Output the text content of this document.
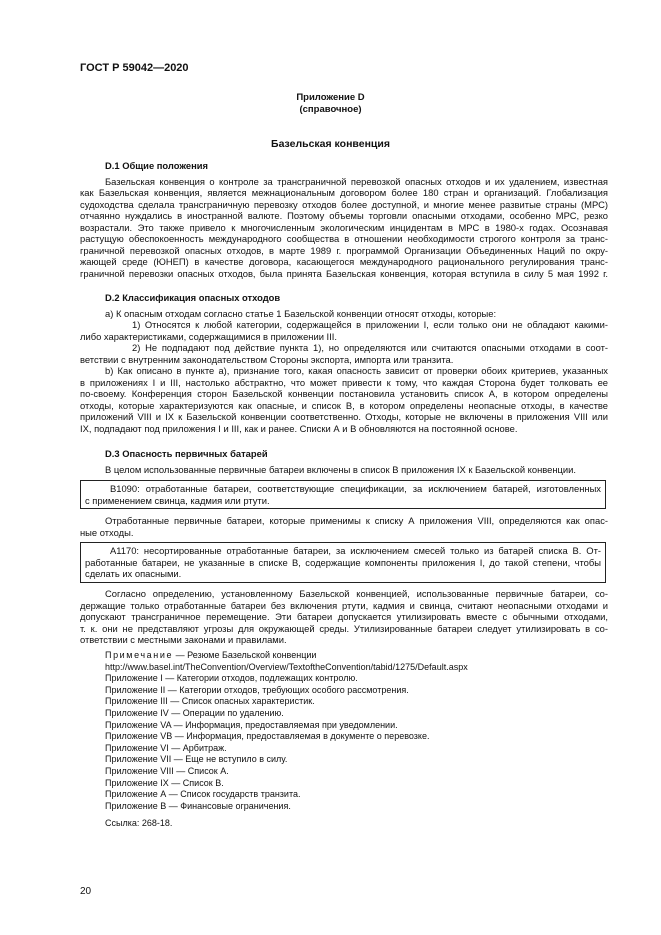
ГОСТ Р 59042—2020
Приложение D
(справочное)
Базельская конвенция
D.1 Общие положения
Базельская конвенция о контроле за трансграничной перевозкой опасных отходов и их удалением, известная
как Базельская конвенция, является межнациональным договором более 180 стран и организаций. Глобализация
судоходства сделала трансграничную перевозку отходов более доступной, и многие менее развитые страны (МРС)
отчаянно нуждались в иностранной валюте. Поэтому объемы торговли опасными отходами, особенно МРС, резко
возрастали. Это также привело к многочисленным экологическим инцидентам в МРС в 1980-х годах. Осознавая
растущую обеспокоенность международного сообщества в отношении необходимости строгого контроля за транс-
граничной перевозкой опасных отходов, в марте 1989 г. программой Организации Объединенных Наций по окру-
жающей среде (ЮНЕП) в качестве договора, касающегося международного рационального регулирования транс-
граничной перевозки опасных отходов, была принята Базельская конвенция, которая вступила в силу 5 мая 1992 г.
D.2 Классификация опасных отходов
а) К опасным отходам согласно статье 1 Базельской конвенции относят отходы, которые:
1) Относятся к любой категории, содержащейся в приложении I, если только они не обладают какими-
либо характеристиками, содержащимися в приложении III.
2) Не подпадают под действие пункта 1), но определяются или считаются опасными отходами в соот-
ветствии с внутренним законодательством Стороны экспорта, импорта или транзита.
b) Как описано в пункте а), признание того, какая опасность зависит от проверки обоих критериев, указанных
в приложениях I и III, настолько абстрактно, что может привести к тому, что каждая Сторона будет толковать ее
по-своему. Конференция сторон Базельской конвенции постановила установить список А, в котором определены
отходы, которые характеризуются как опасные, и список В, в котором определены неопасные отходы, в качестве
приложений VIII и IX к Базельской конвенции соответственно. Отходы, которые не включены в приложения VIII или
IX, подпадают под приложения I и III, как и ранее. Списки А и В обновляются на постоянной основе.
D.3 Опасность первичных батарей
В целом использованные первичные батареи включены в список В приложения IX к Базельской конвенции.
В1090: отработанные батареи, соответствующие спецификации, за исключением батарей, изготовленных
с применением свинца, кадмия или ртути.
Отработанные первичные батареи, которые применимы к списку А приложения VIII, определяются как опас-
ные отходы.
А1170: несортированные отработанные батареи, за исключением смесей только из батарей списка В. От-
работанные батареи, не указанные в списке В, содержащие компоненты приложения I, до такой степени, чтобы
сделать их опасными.
Согласно определению, установленному Базельской конвенцией, использованные первичные батареи, со-
держащие только отработанные батареи без включения ртути, кадмия и свинца, считают неопасными отходами и
допускают трансграничное перемещение. Эти батареи допускается утилизировать вместе с обычными отходами,
т. к. они не представляют угрозы для окружающей среды. Утилизированные батареи следует утилизировать в со-
ответствии с местными законами и правилами.
Примечание — Резюме Базельской конвенции
http://www.basel.int/TheConvention/Overview/TextoftheConvention/tabid/1275/Default.aspx
Приложение I — Категории отходов, подлежащих контролю.
Приложение II — Категории отходов, требующих особого рассмотрения.
Приложение III — Список опасных характеристик.
Приложение IV — Операции по удалению.
Приложение VA — Информация, предоставляемая при уведомлении.
Приложение VB — Информация, предоставляемая в документе о перевозке.
Приложение VI — Арбитраж.
Приложение VII — Еще не вступило в силу.
Приложение VIII — Список А.
Приложение IX — Список В.
Приложение А — Список государств транзита.
Приложение В — Финансовые ограничения.
Ссылка: 268-18.
20
